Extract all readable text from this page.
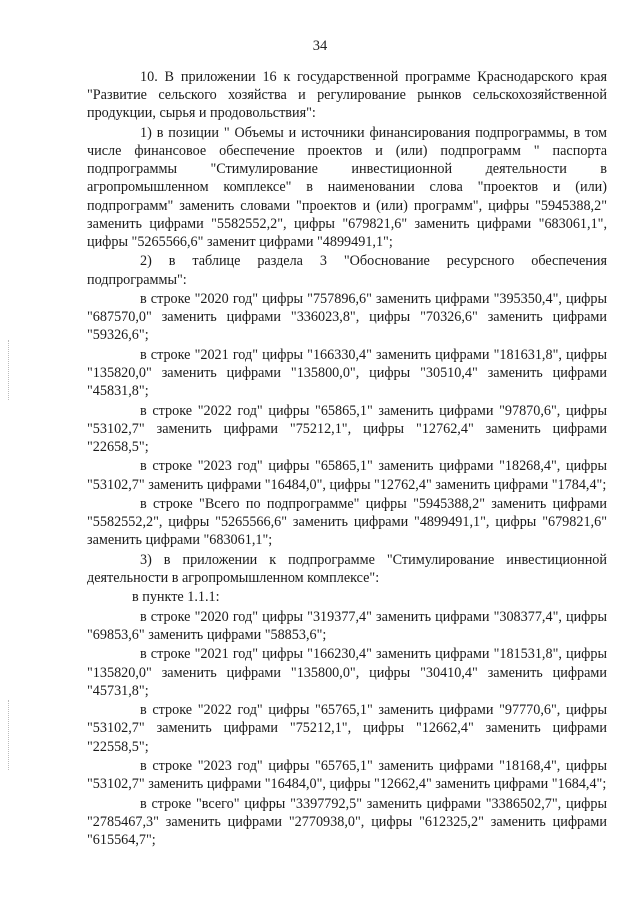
34

10. В приложении 16 к государственной программе Краснодарского края "Развитие сельского хозяйства и регулирование рынков сельскохозяйственной продукции, сырья и продовольствия":

1) в позиции " Объемы и источники финансирования подпрограммы, в том числе финансовое обеспечение проектов и (или) подпрограмм " паспорта подпрограммы "Стимулирование инвестиционной деятельности в агропромышленном комплексе" в наименовании слова "проектов и (или) подпрограмм" заменить словами "проектов и (или) программ", цифры "5945388,2" заменить цифрами "5582552,2", цифры "679821,6" заменить цифрами "683061,1", цифры "5265566,6" заменит цифрами "4899491,1";

2) в таблице раздела 3 "Обоснование ресурсного обеспечения подпрограммы":

в строке "2020 год" цифры "757896,6" заменить цифрами "395350,4", цифры "687570,0" заменить цифрами "336023,8", цифры "70326,6" заменить цифрами "59326,6";

в строке "2021 год" цифры "166330,4" заменить цифрами "181631,8", цифры "135820,0" заменить цифрами "135800,0", цифры "30510,4" заменить цифрами "45831,8";

в строке "2022 год" цифры "65865,1" заменить цифрами "97870,6", цифры "53102,7" заменить цифрами "75212,1", цифры "12762,4" заменить цифрами "22658,5";

в строке "2023 год" цифры "65865,1" заменить цифрами "18268,4", цифры "53102,7" заменить цифрами "16484,0", цифры "12762,4" заменить цифрами "1784,4";

в строке "Всего по подпрограмме" цифры "5945388,2" заменить цифрами "5582552,2", цифры "5265566,6" заменить цифрами "4899491,1", цифры "679821,6" заменить цифрами "683061,1";

3) в приложении к подпрограмме "Стимулирование инвестиционной деятельности в агропромышленном комплексе":

в пункте 1.1.1:

в строке "2020 год" цифры "319377,4" заменить цифрами "308377,4", цифры "69853,6" заменить цифрами "58853,6";

в строке "2021 год" цифры "166230,4" заменить цифрами "181531,8", цифры "135820,0" заменить цифрами "135800,0", цифры "30410,4" заменить цифрами "45731,8";

в строке "2022 год" цифры "65765,1" заменить цифрами "97770,6", цифры "53102,7" заменить цифрами "75212,1", цифры "12662,4" заменить цифрами "22558,5";

в строке "2023 год" цифры "65765,1" заменить цифрами "18168,4", цифры "53102,7" заменить цифрами "16484,0", цифры "12662,4" заменить цифрами "1684,4";

в строке "всего" цифры "3397792,5" заменить цифрами "3386502,7", цифры "2785467,3" заменить цифрами "2770938,0", цифры "612325,2" заменить цифрами "615564,7";
